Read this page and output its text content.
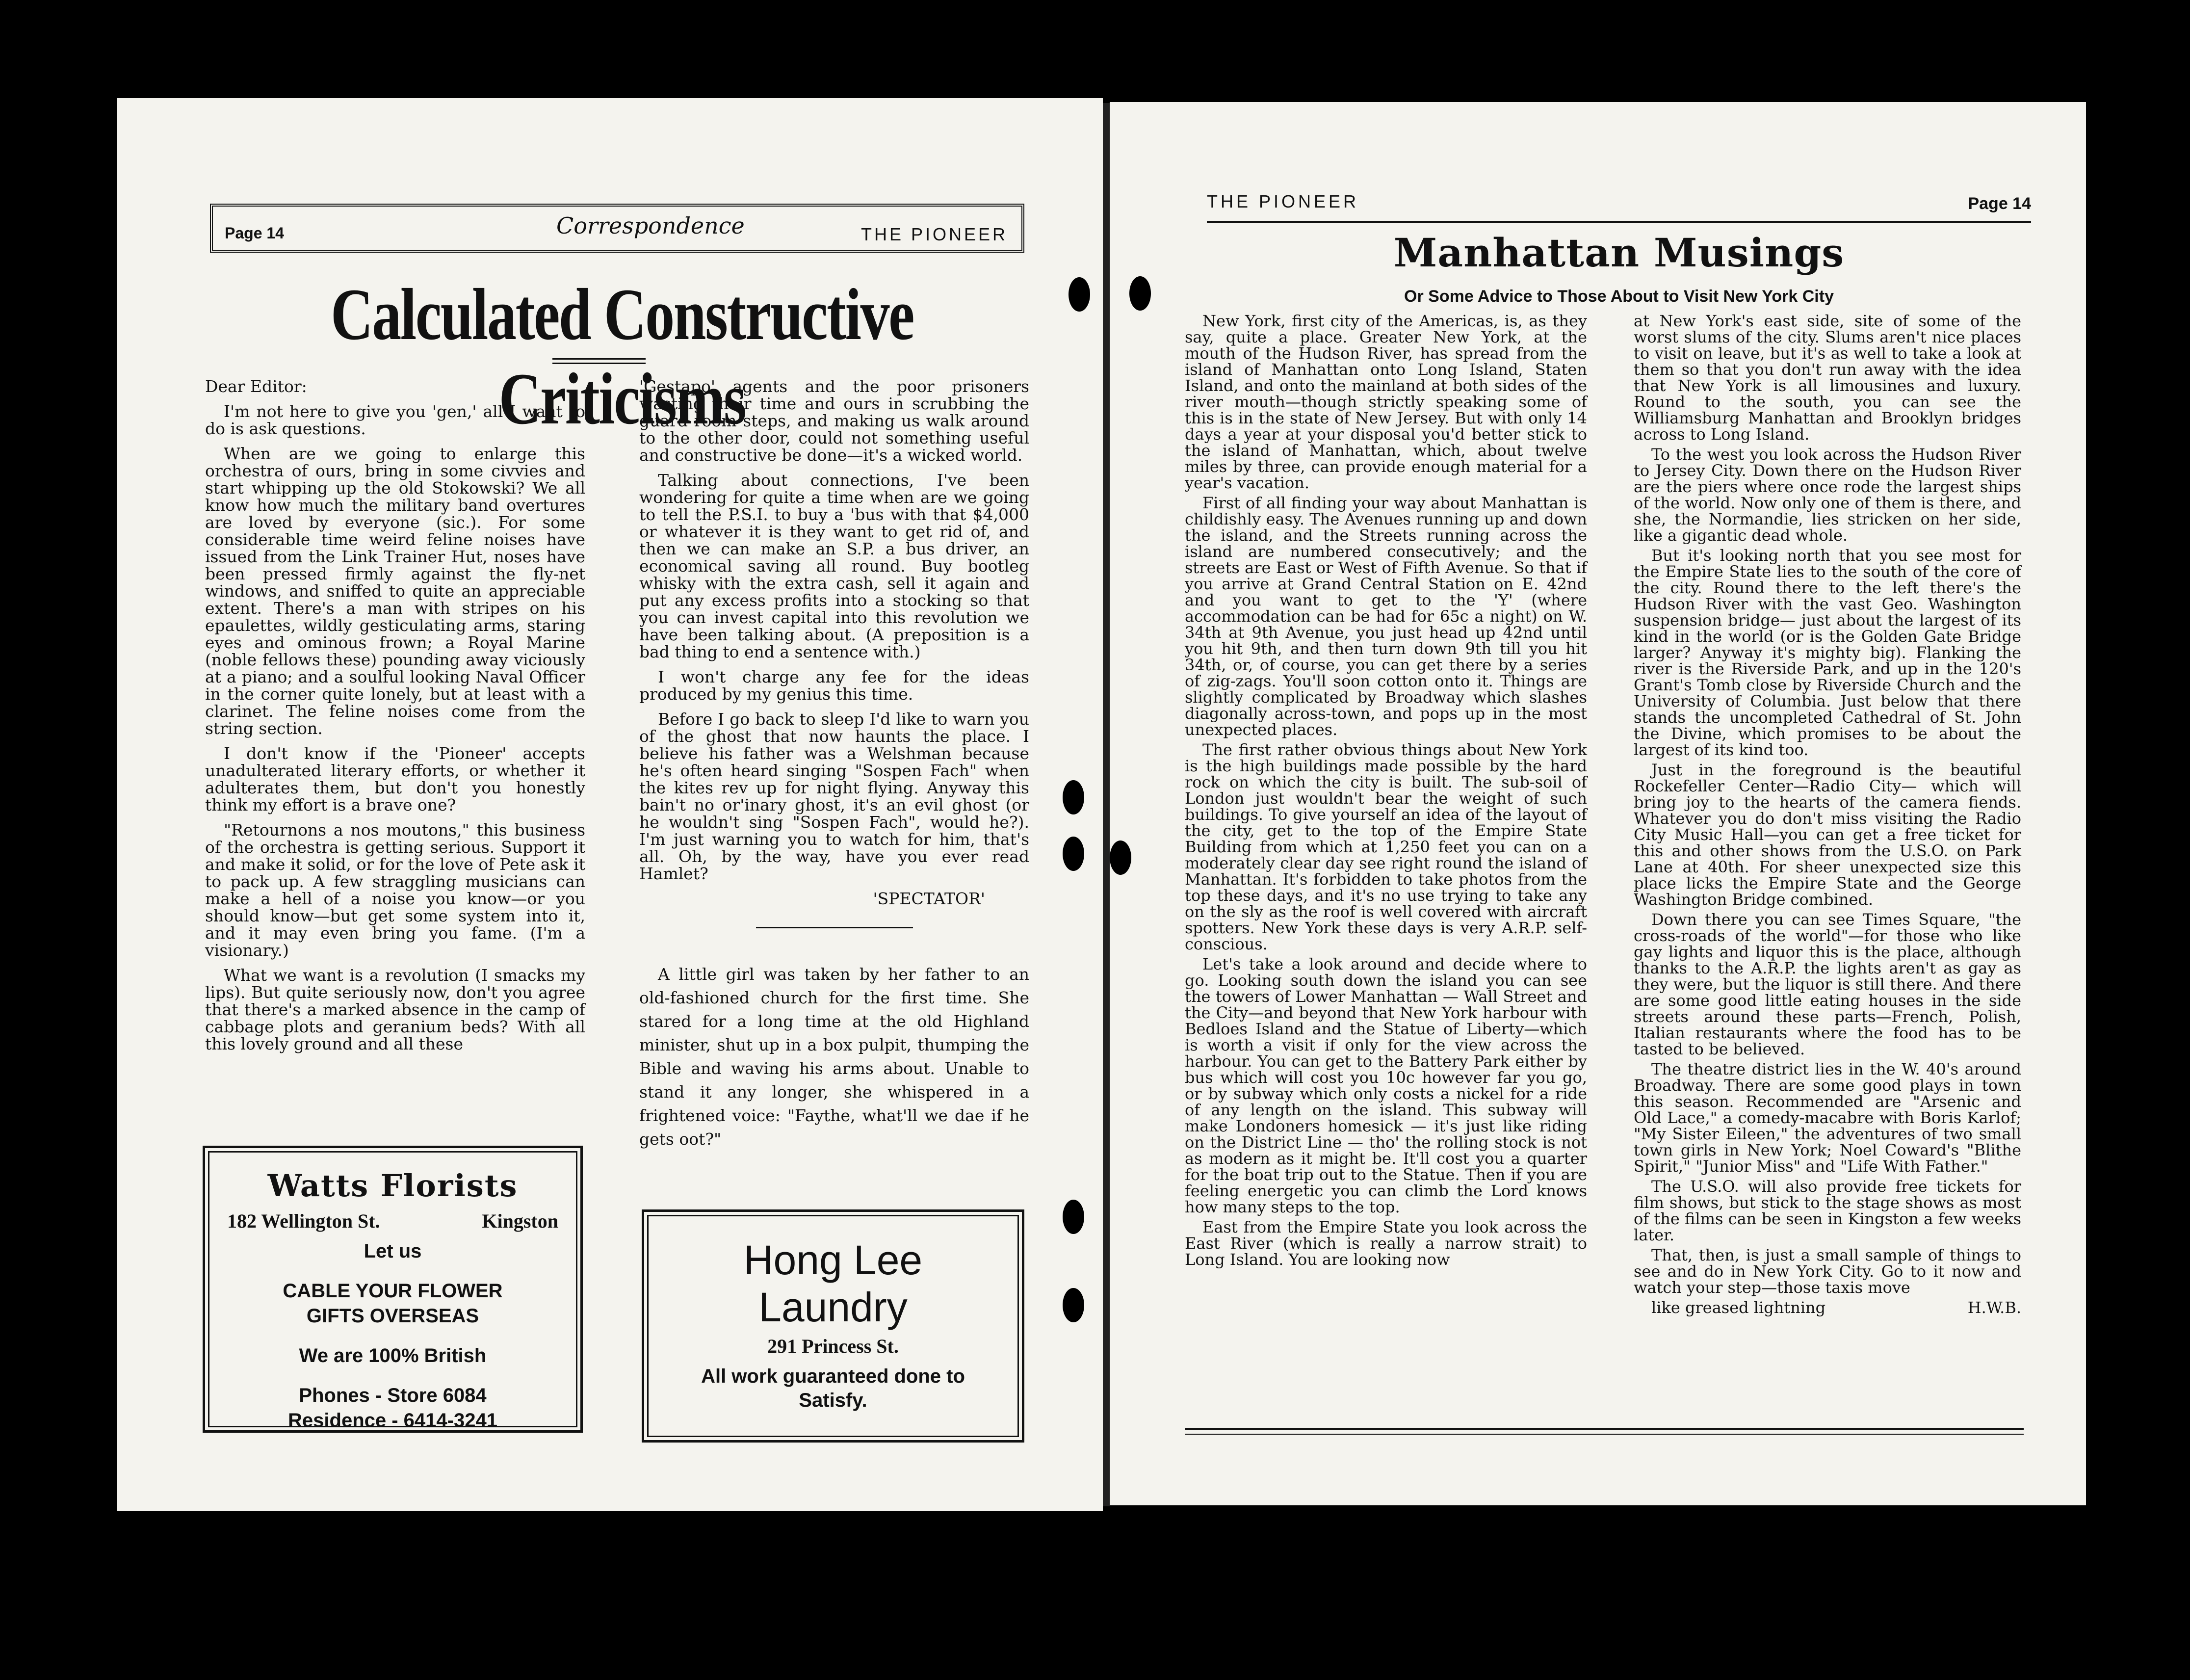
Page 14	Correspondence	THE PIONEER
Calculated Constructive Criticisms

Dear Editor:

I'm not here to give you 'gen,' all I want to do is ask questions.

When are we going to enlarge this orchestra of ours, bring in some civvies and start whipping up the old Stokowski? We all know how much the military band overtures are loved by everyone (sic.). For some considerable time weird feline noises have issued from the Link Trainer Hut, noses have been pressed firmly against the fly-net windows, and sniffed to quite an appreciable extent. There's a man with stripes on his epaulettes, wildly gesticulating arms, staring eyes and ominous frown; a Royal Marine (noble fellows these) pounding away viciously at a piano; and a soulful looking Naval Officer in the corner quite lonely, but at least with a clarinet. The feline noises come from the string section.

I don't know if the 'Pioneer' accepts unadulterated literary efforts, or whether it adulterates them, but don't you honestly think my effort is a brave one?

"Retournons a nos moutons," this business of the orchestra is getting serious. Support it and make it solid, or for the love of Pete ask it to pack up. A few straggling musicians can make a hell of a noise you know—or you should know—but get some system into it, and it may even bring you fame. (I'm a visionary.)

What we want is a revolution (I smacks my lips). But quite seriously now, don't you agree that there's a marked absence in the camp of cabbage plots and geranium beds? With all this lovely ground and all these

'Gestapo' agents and the poor prisoners wasting their time and ours in scrubbing the guard room steps, and making us walk around to the other door, could not something useful and constructive be done—it's a wicked world.

Talking about connections, I've been wondering for quite a time when are we going to tell the P.S.I. to buy a 'bus with that $4,000 or whatever it is they want to get rid of, and then we can make an S.P. a bus driver, an economical saving all round. Buy bootleg whisky with the extra cash, sell it again and put any excess profits into a stocking so that you can invest capital into this revolution we have been talking about. (A preposition is a bad thing to end a sentence with.)

I won't charge any fee for the ideas produced by my genius this time.

Before I go back to sleep I'd like to warn you of the ghost that now haunts the place. I believe his father was a Welshman because he's often heard singing "Sospen Fach" when the kites rev up for night flying. Anyway this bain't no or'inary ghost, it's an evil ghost (or he wouldn't sing "Sospen Fach", would he?). I'm just warning you to watch for him, that's all. Oh, by the way, have you ever read Hamlet?

'SPECTATOR'

A little girl was taken by her father to an old-fashioned church for the first time. She stared for a long time at the old Highland minister, shut up in a box pulpit, thumping the Bible and waving his arms about. Unable to stand it any longer, she whispered in a frightened voice: "Faythe, what'll we dae if he gets oot?"

Watts Florists
182 Wellington St.	Kingston
Let us
CABLE YOUR FLOWER
GIFTS OVERSEAS
We are 100% British
Phones - Store 6084
Residence - 6414-3241
Hong Lee
Laundry
291 Princess St.
All work guaranteed done to
Satisfy.
THE PIONEER	Page 14
Manhattan Musings
Or Some Advice to Those About to Visit New York City

New York, first city of the Americas, is, as they say, quite a place. Greater New York, at the mouth of the Hudson River, has spread from the island of Manhattan onto Long Island, Staten Island, and onto the mainland at both sides of the river mouth—though strictly speaking some of this is in the state of New Jersey. But with only 14 days a year at your disposal you'd better stick to the island of Manhattan, which, about twelve miles by three, can provide enough material for a year's vacation.

First of all finding your way about Manhattan is childishly easy. The Avenues running up and down the island, and the Streets running across the island are numbered consecutively; and the streets are East or West of Fifth Avenue. So that if you arrive at Grand Central Station on E. 42nd and you want to get to the 'Y' (where accommodation can be had for 65c a night) on W. 34th at 9th Avenue, you just head up 42nd until you hit 9th, and then turn down 9th till you hit 34th, or, of course, you can get there by a series of zig-zags. You'll soon cotton onto it. Things are slightly complicated by Broadway which slashes diagonally across-town, and pops up in the most unexpected places.

The first rather obvious things about New York is the high buildings made possible by the hard rock on which the city is built. The sub-soil of London just wouldn't bear the weight of such buildings. To give yourself an idea of the layout of the city, get to the top of the Empire State Building from which at 1,250 feet you can on a moderately clear day see right round the island of Manhattan. It's forbidden to take photos from the top these days, and it's no use trying to take any on the sly as the roof is well covered with aircraft spotters. New York these days is very A.R.P. self-conscious.

Let's take a look around and decide where to go. Looking south down the island you can see the towers of Lower Manhattan — Wall Street and the City—and beyond that New York harbour with Bedloes Island and the Statue of Liberty—which is worth a visit if only for the view across the harbour. You can get to the Battery Park either by bus which will cost you 10c however far you go, or by subway which only costs a nickel for a ride of any length on the island. This subway will make Londoners homesick — it's just like riding on the District Line — tho' the rolling stock is not as modern as it might be. It'll cost you a quarter for the boat trip out to the Statue. Then if you are feeling energetic you can climb the Lord knows how many steps to the top.

East from the Empire State you look across the East River (which is really a narrow strait) to Long Island. You are looking now

at New York's east side, site of some of the worst slums of the city. Slums aren't nice places to visit on leave, but it's as well to take a look at them so that you don't run away with the idea that New York is all limousines and luxury. Round to the south, you can see the Williamsburg Manhattan and Brooklyn bridges across to Long Island.

To the west you look across the Hudson River to Jersey City. Down there on the Hudson River are the piers where once rode the largest ships of the world. Now only one of them is there, and she, the Normandie, lies stricken on her side, like a gigantic dead whole.

But it's looking north that you see most for the Empire State lies to the south of the core of the city. Round there to the left there's the Hudson River with the vast Geo. Washington suspension bridge— just about the largest of its kind in the world (or is the Golden Gate Bridge larger? Anyway it's mighty big). Flanking the river is the Riverside Park, and up in the 120's Grant's Tomb close by Riverside Church and the University of Columbia. Just below that there stands the uncompleted Cathedral of St. John the Divine, which promises to be about the largest of its kind too.

Just in the foreground is the beautiful Rockefeller Center—Radio City— which will bring joy to the hearts of the camera fiends. Whatever you do don't miss visiting the Radio City Music Hall—you can get a free ticket for this and other shows from the U.S.O. on Park Lane at 40th. For sheer unexpected size this place licks the Empire State and the George Washington Bridge combined.

Down there you can see Times Square, "the cross-roads of the world"—for those who like gay lights and liquor this is the place, although thanks to the A.R.P. the lights aren't as gay as they were, but the liquor is still there. And there are some good little eating houses in the side streets around these parts—French, Polish, Italian restaurants where the food has to be tasted to be believed.

The theatre district lies in the W. 40's around Broadway. There are some good plays in town this season. Recommended are "Arsenic and Old Lace," a comedy-macabre with Boris Karlof; "My Sister Eileen," the adventures of two small town girls in New York; Noel Coward's "Blithe Spirit," "Junior Miss" and "Life With Father."

The U.S.O. will also provide free tickets for film shows, but stick to the stage shows as most of the films can be seen in Kingston a few weeks later.

That, then, is just a small sample of things to see and do in New York City. Go to it now and watch your step—those taxis move

like greased lightning	H.W.B.
